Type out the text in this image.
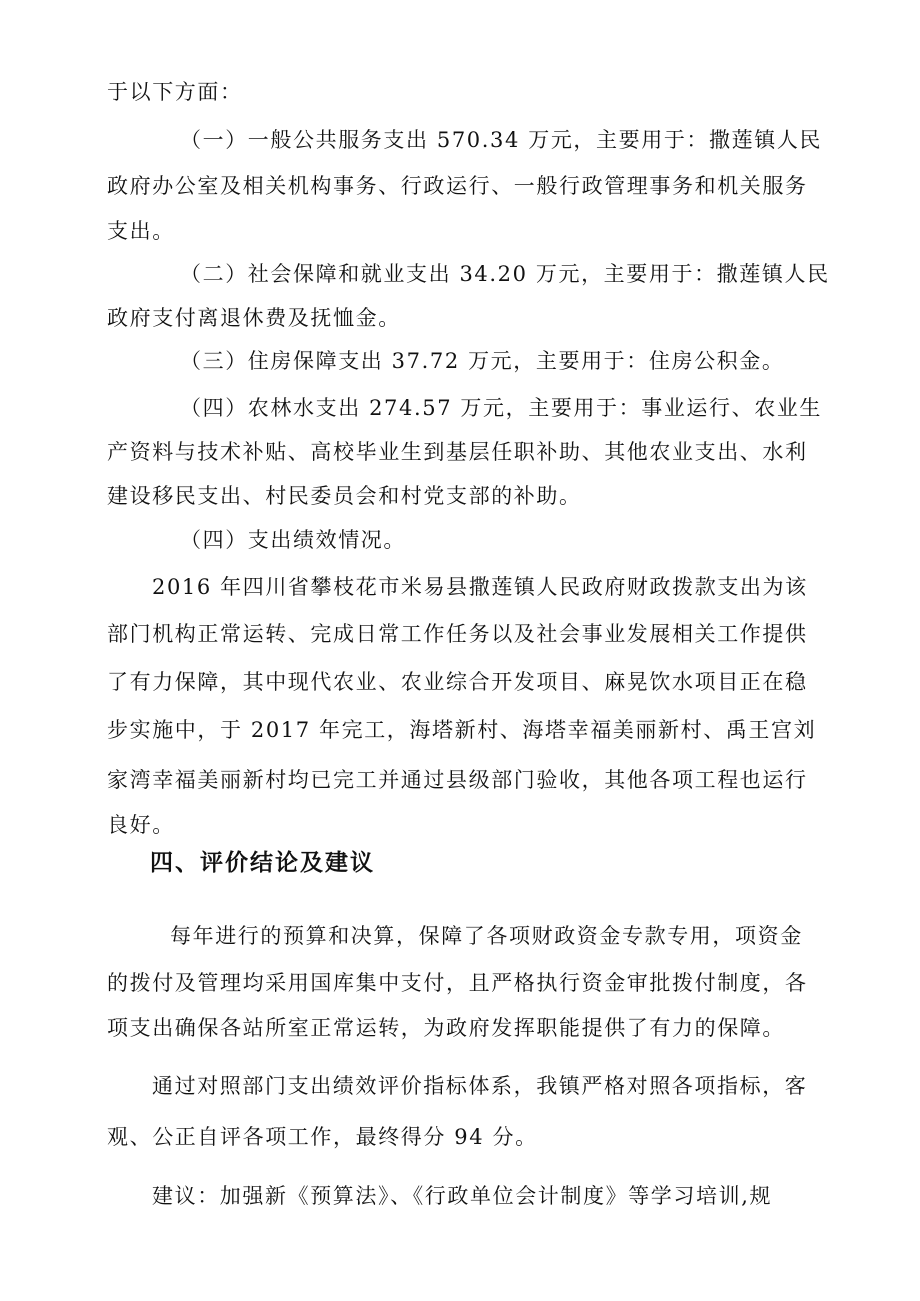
于以下方面：
（一）一般公共服务支出 570.34 万元，主要用于：撒莲镇人民
政府办公室及相关机构事务、行政运行、一般行政管理事务和机关服务
支出。
（二）社会保障和就业支出 34.20 万元，主要用于：撒莲镇人民
政府支付离退休费及抚恤金。
（三）住房保障支出 37.72 万元，主要用于：住房公积金。
（四）农林水支出 274.57 万元，主要用于：事业运行、农业生
产资料与技术补贴、高校毕业生到基层任职补助、其他农业支出、水利
建设移民支出、村民委员会和村党支部的补助。
（四）支出绩效情况。
2016 年四川省攀枝花市米易县撒莲镇人民政府财政拨款支出为该
部门机构正常运转、完成日常工作任务以及社会事业发展相关工作提供
了有力保障，其中现代农业、农业综合开发项目、麻晃饮水项目正在稳
步实施中，于 2017 年完工，海塔新村、海塔幸福美丽新村、禹王宫刘
家湾幸福美丽新村均已完工并通过县级部门验收，其他各项工程也运行
良好。
四、评价结论及建议
每年进行的预算和决算，保障了各项财政资金专款专用，项资金
的拨付及管理均采用国库集中支付，且严格执行资金审批拨付制度，各
项支出确保各站所室正常运转，为政府发挥职能提供了有力的保障。
通过对照部门支出绩效评价指标体系，我镇严格对照各项指标，客
观、公正自评各项工作，最终得分 94 分。
建议：加强新《预算法》、《行政单位会计制度》等学习培训,规
